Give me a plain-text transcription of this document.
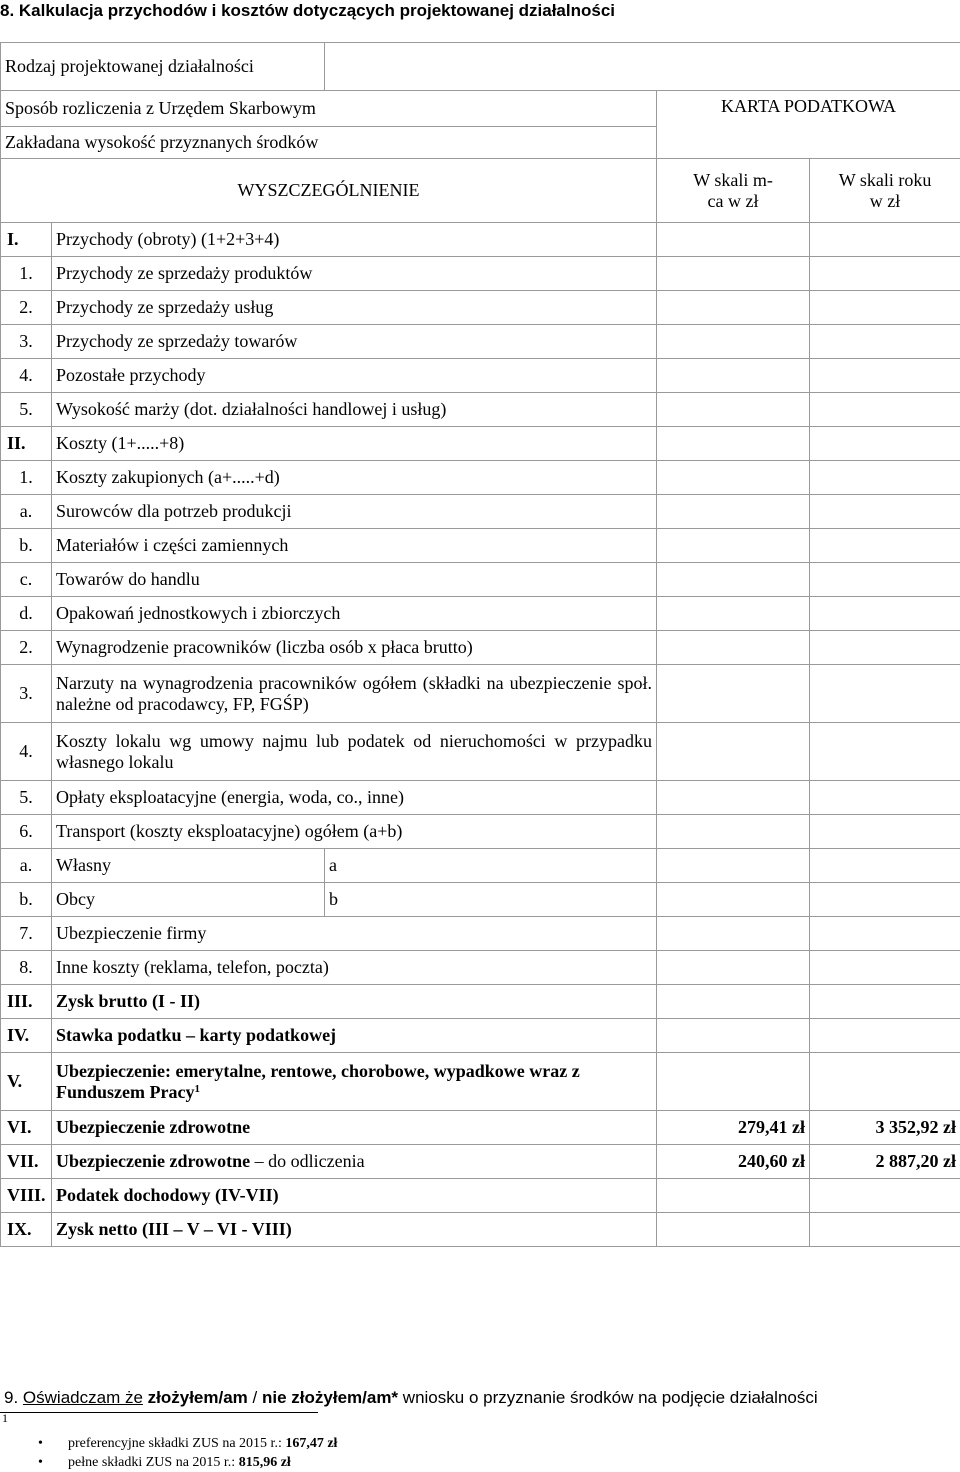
8. Kalkulacja przychodów i kosztów dotyczących projektowanej działalności
Rodzaj projektowanej działalności				
Sposób rozliczenia z Urzędem Skarbowym			KARTA PODATKOWA	
Zakładana wysokość przyznanych środków				
WYSZCZEGÓLNIENIE			W skali m-ca w zł	W skali roku w zł
I.	Przychody (obroty) (1+2+3+4)			
1.	Przychody ze sprzedaży produktów			
2.	Przychody ze sprzedaży usług			
3.	Przychody ze sprzedaży towarów			
4.	Pozostałe przychody			
5.	Wysokość marży (dot. działalności handlowej i usług)			
II.	Koszty (1+.....+8)			
1.	Koszty zakupionych (a+.....+d)			
a.	Surowców dla potrzeb produkcji			
b.	Materiałów i części zamiennych			
c.	Towarów do handlu			
d.	Opakowań jednostkowych i zbiorczych			
2.	Wynagrodzenie pracowników (liczba osób x płaca brutto)			
3.	Narzuty na wynagrodzenia pracowników ogółem (składki na ubezpieczenie społ. należne od pracodawcy, FP, FGŚP)			
4.	Koszty lokalu wg umowy najmu lub podatek od nieruchomości w przypadku własnego lokalu			
5.	Opłaty eksploatacyjne (energia, woda, co., inne)			
6.	Transport (koszty eksploatacyjne) ogółem (a+b)			
a.	Własny	a		
b.	Obcy	b		
7.	Ubezpieczenie firmy			
8.	Inne koszty (reklama, telefon, poczta)			
III.	Zysk brutto (I - II)			
IV.	Stawka podatku – karty podatkowej			
V.	Ubezpieczenie: emerytalne, rentowe, chorobowe, wypadkowe wraz z Funduszem Pracy$^1$		
VI.	Ubezpieczenie zdrowotne		279,41 zł	3 352,92 zł
VII.	Ubezpieczenie zdrowotne – do odliczenia		240,60 zł	2 887,20 zł
VIII.	Podatek dochodowy (IV-VII)			
IX.	Zysk netto (III – V – VI - VIII)			
9. Oświadczam że złożyłem/am / nie złożyłem/am* wniosku o przyznanie środków na podjęcie działalności
1
• preferencyjne składki ZUS na 2015 r.: 167,47 zł
• pełne składki ZUS na 2015 r.: 815,96 zł
